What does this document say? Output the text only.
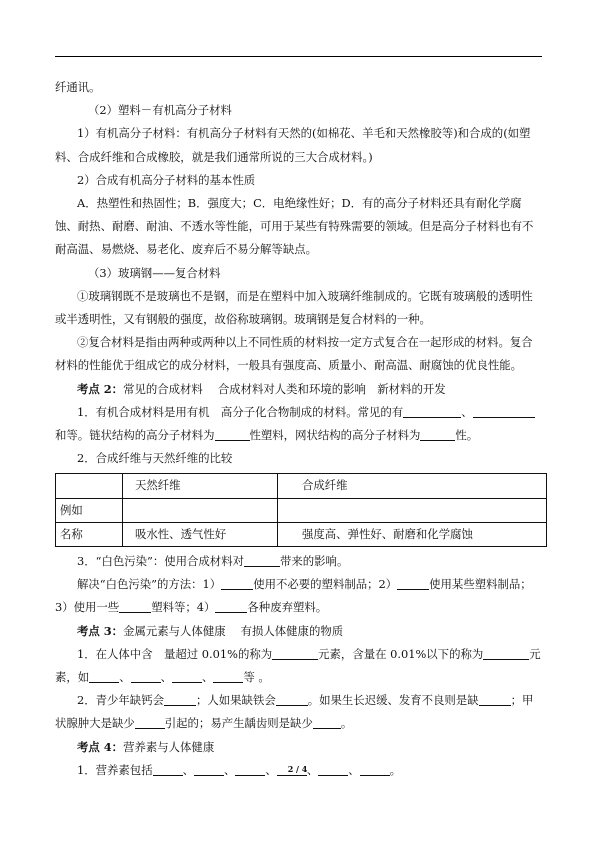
纤通讯。

（2）塑料－有机高分子材料

1）有机高分子材料：有机高分子材料有天然的(如棉花、羊毛和天然橡胶等)和合成的(如塑料、合成纤维和合成橡胶，就是我们通常所说的三大合成材料。)

2）合成有机高分子材料的基本性质

A．热塑性和热固性；B．强度大；C．电绝缘性好；D．有的高分子材料还具有耐化学腐蚀、耐热、耐磨、耐油、不透水等性能，可用于某些有特殊需要的领域。但是高分子材料也有不耐高温、易燃烧、易老化、废弃后不易分解等缺点。

（3）玻璃钢——复合材料

①玻璃钢既不是玻璃也不是钢，而是在塑料中加入玻璃纤维制成的。它既有玻璃般的透明性或半透明性，又有钢般的强度，故俗称玻璃钢。玻璃钢是复合材料的一种。

②复合材料是指由两种或两种以上不同性质的材料按一定方式复合在一起形成的材料。复合材料的性能优于组成它的成分材料，一般具有强度高、质量小、耐高温、耐腐蚀的优良性能。

考点 2：常见的合成材料　 合成材料对人类和环境的影响　新材料的开发

1．有机合成材料是用有机　高分子化合物制成的材料。常见的有	、和等。链状结构的高分子材料为	性塑料，网状结构的高分子材料为	性。

2．合成纤维与天然纤维的比较

	天然纤维	合成纤维
例如		
名称	吸水性、透气性好	强度高、弹性好、耐磨和化学腐蚀

3．“白色污染”：使用合成材料对	带来的影响。

解决“白色污染”的方法：1）	使用不必要的塑料制品；2）	使用某些塑料制品；3）使用一些	塑料等；4）	各种废弃塑料。

考点 3：金属元素与人体健康　 有损人体健康的物质

1．在人体中含　量超过 0.01%的称为	元素，含量在 0.01%以下的称为	元素，如	、	、	、	等 。

2．青少年缺钙会	；人如果缺铁会	。如果生长迟缓、发育不良则是缺	；甲状腺肿大是缺少	引起的；易产生龋齿则是缺少 。

考点 4：营养素与人体健康

1．营养素包括	、	、	、	、	、	。

2 / 4
